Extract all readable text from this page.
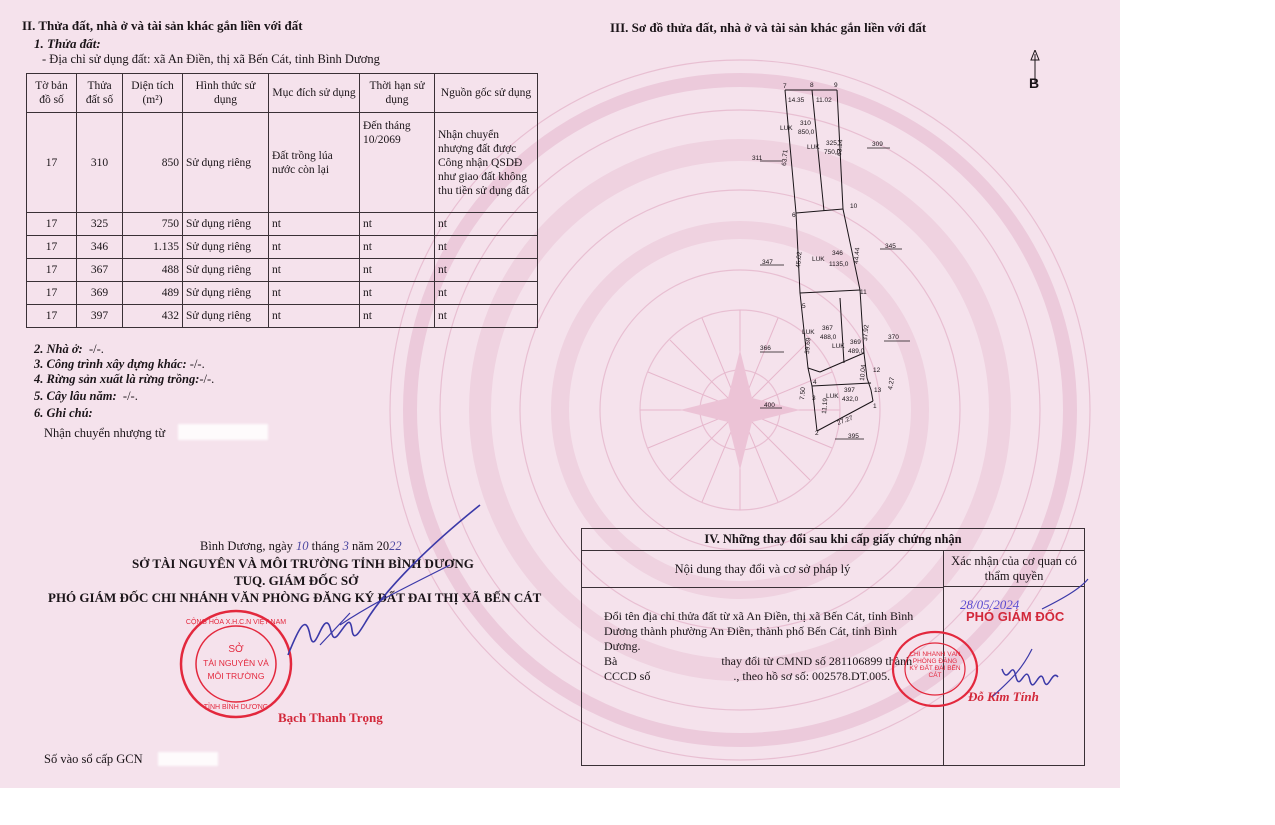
II. Thửa đất, nhà ở và tài sản khác gắn liền với đất
1. Thửa đất:
- Địa chỉ sử dụng đất: xã An Điền, thị xã Bến Cát, tỉnh Bình Dương
Tờ bản đồ số	Thửa đất số	Diện tích (m²)	Hình thức sử dụng	Mục đích sử dụng	Thời hạn sử dụng	Nguồn gốc sử dụng
17	310	850	Sử dụng riêng	Đất trồng lúa nước còn lại	Đến tháng 10/2069	Nhận chuyển nhượng đất được Công nhận QSDĐ như giao đất không thu tiền sử dụng đất
17	325	750	Sử dụng riêng	nt	nt	nt
17	346	1.135	Sử dụng riêng	nt	nt	nt
17	367	488	Sử dụng riêng	nt	nt	nt
17	369	489	Sử dụng riêng	nt	nt	nt
17	397	432	Sử dụng riêng	nt	nt	nt
2. Nhà ở: -/-.
3. Công trình xây dựng khác: -/-.
4. Rừng sản xuất là rừng trồng:-/-.
5. Cây lâu năm: -/-.
6. Ghi chú:
Nhận chuyển nhượng từ
III. Sơ đồ thửa đất, nhà ở và tài sản khác gắn liền với đất
B
7	8	9
6
10
5
11
4
12
3
13
2
1
14.35 11.02
63.71
63.14
45.02	44.44
39.69
37.92
10.04
7.50
11.19
4.27
27.27
LUK
310
850,0
LUK
325
750,0
LUK
346
1135,0
LUK
367
488,0
LUK
369
489,0
LUK
397
432,0
311
309
347
345
366
370
400
395
Bình Dương, ngày 10 tháng 3 năm 2022
SỞ TÀI NGUYÊN VÀ MÔI TRƯỜNG TỈNH BÌNH DƯƠNG
TUQ. GIÁM ĐỐC SỞ
PHÓ GIÁM ĐỐC CHI NHÁNH VĂN PHÒNG ĐĂNG KÝ ĐẤT ĐAI THỊ XÃ BẾN CÁT
CỘNG HÒA X.H.C.N VIỆT NAM
SỞ
TÀI NGUYÊN VÀ
MÔI TRƯỜNG
TỈNH BÌNH DƯƠNG
Bạch Thanh Trọng
Số vào sổ cấp GCN
IV. Những thay đổi sau khi cấp giấy chứng nhận
Nội dung thay đổi và cơ sở pháp lý
Xác nhận của cơ quan có thẩm quyền
Đổi tên địa chỉ thửa đất từ xã An Điền, thị xã Bến Cát, tỉnh Bình Dương thành phường An Điền, thành phố Bến Cát, tỉnh Bình Dương.
Bà	thay đổi từ CMND số 281106899 thành
CCCD số	., theo hồ sơ số: 002578.DT.005.
28/05/2024
PHÓ GIÁM ĐỐC
CHI NHÁNH VĂN PHÒNG ĐĂNG KÝ ĐẤT ĐAI BẾN CÁT
Đỗ Kim Tính
